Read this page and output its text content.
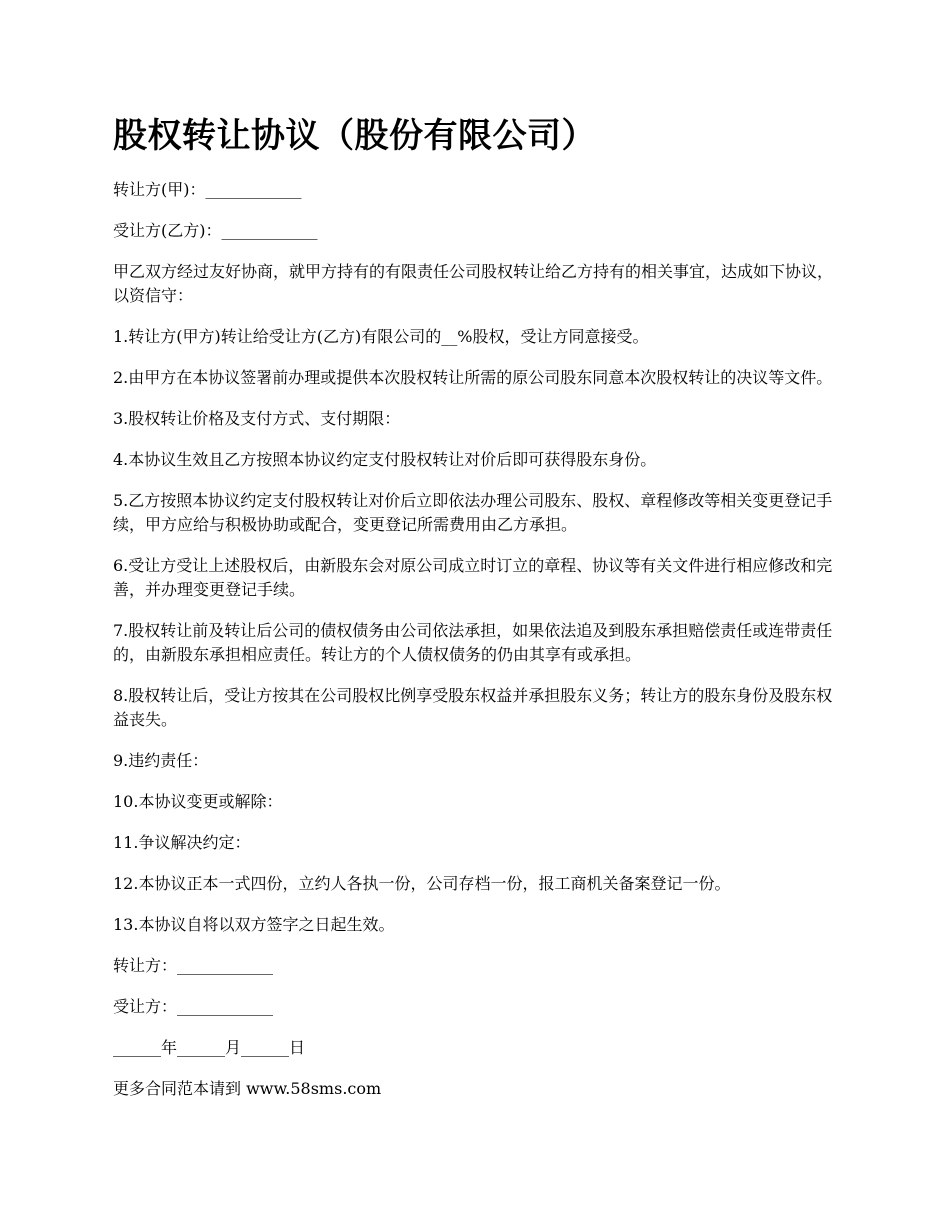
股权转让协议（股份有限公司）

转让方(甲)：____________

受让方(乙方)：____________

甲乙双方经过友好协商，就甲方持有的有限责任公司股权转让给乙方持有的相关事宜，达成如下协议，以资信守：

1.转让方(甲方)转让给受让方(乙方)有限公司的__%股权，受让方同意接受。

2.由甲方在本协议签署前办理或提供本次股权转让所需的原公司股东同意本次股权转让的决议等文件。

3.股权转让价格及支付方式、支付期限：

4.本协议生效且乙方按照本协议约定支付股权转让对价后即可获得股东身份。

5.乙方按照本协议约定支付股权转让对价后立即依法办理公司股东、股权、章程修改等相关变更登记手续，甲方应给与积极协助或配合，变更登记所需费用由乙方承担。

6.受让方受让上述股权后，由新股东会对原公司成立时订立的章程、协议等有关文件进行相应修改和完善，并办理变更登记手续。

7.股权转让前及转让后公司的债权债务由公司依法承担，如果依法追及到股东承担赔偿责任或连带责任的，由新股东承担相应责任。转让方的个人债权债务的仍由其享有或承担。

8.股权转让后，受让方按其在公司股权比例享受股东权益并承担股东义务；转让方的股东身份及股东权益丧失。

9.违约责任：

10.本协议变更或解除：

11.争议解决约定：

12.本协议正本一式四份，立约人各执一份，公司存档一份，报工商机关备案登记一份。

13.本协议自将以双方签字之日起生效。

转让方：____________

受让方：____________

______年______月______日

更多合同范本请到 www.58sms.com
